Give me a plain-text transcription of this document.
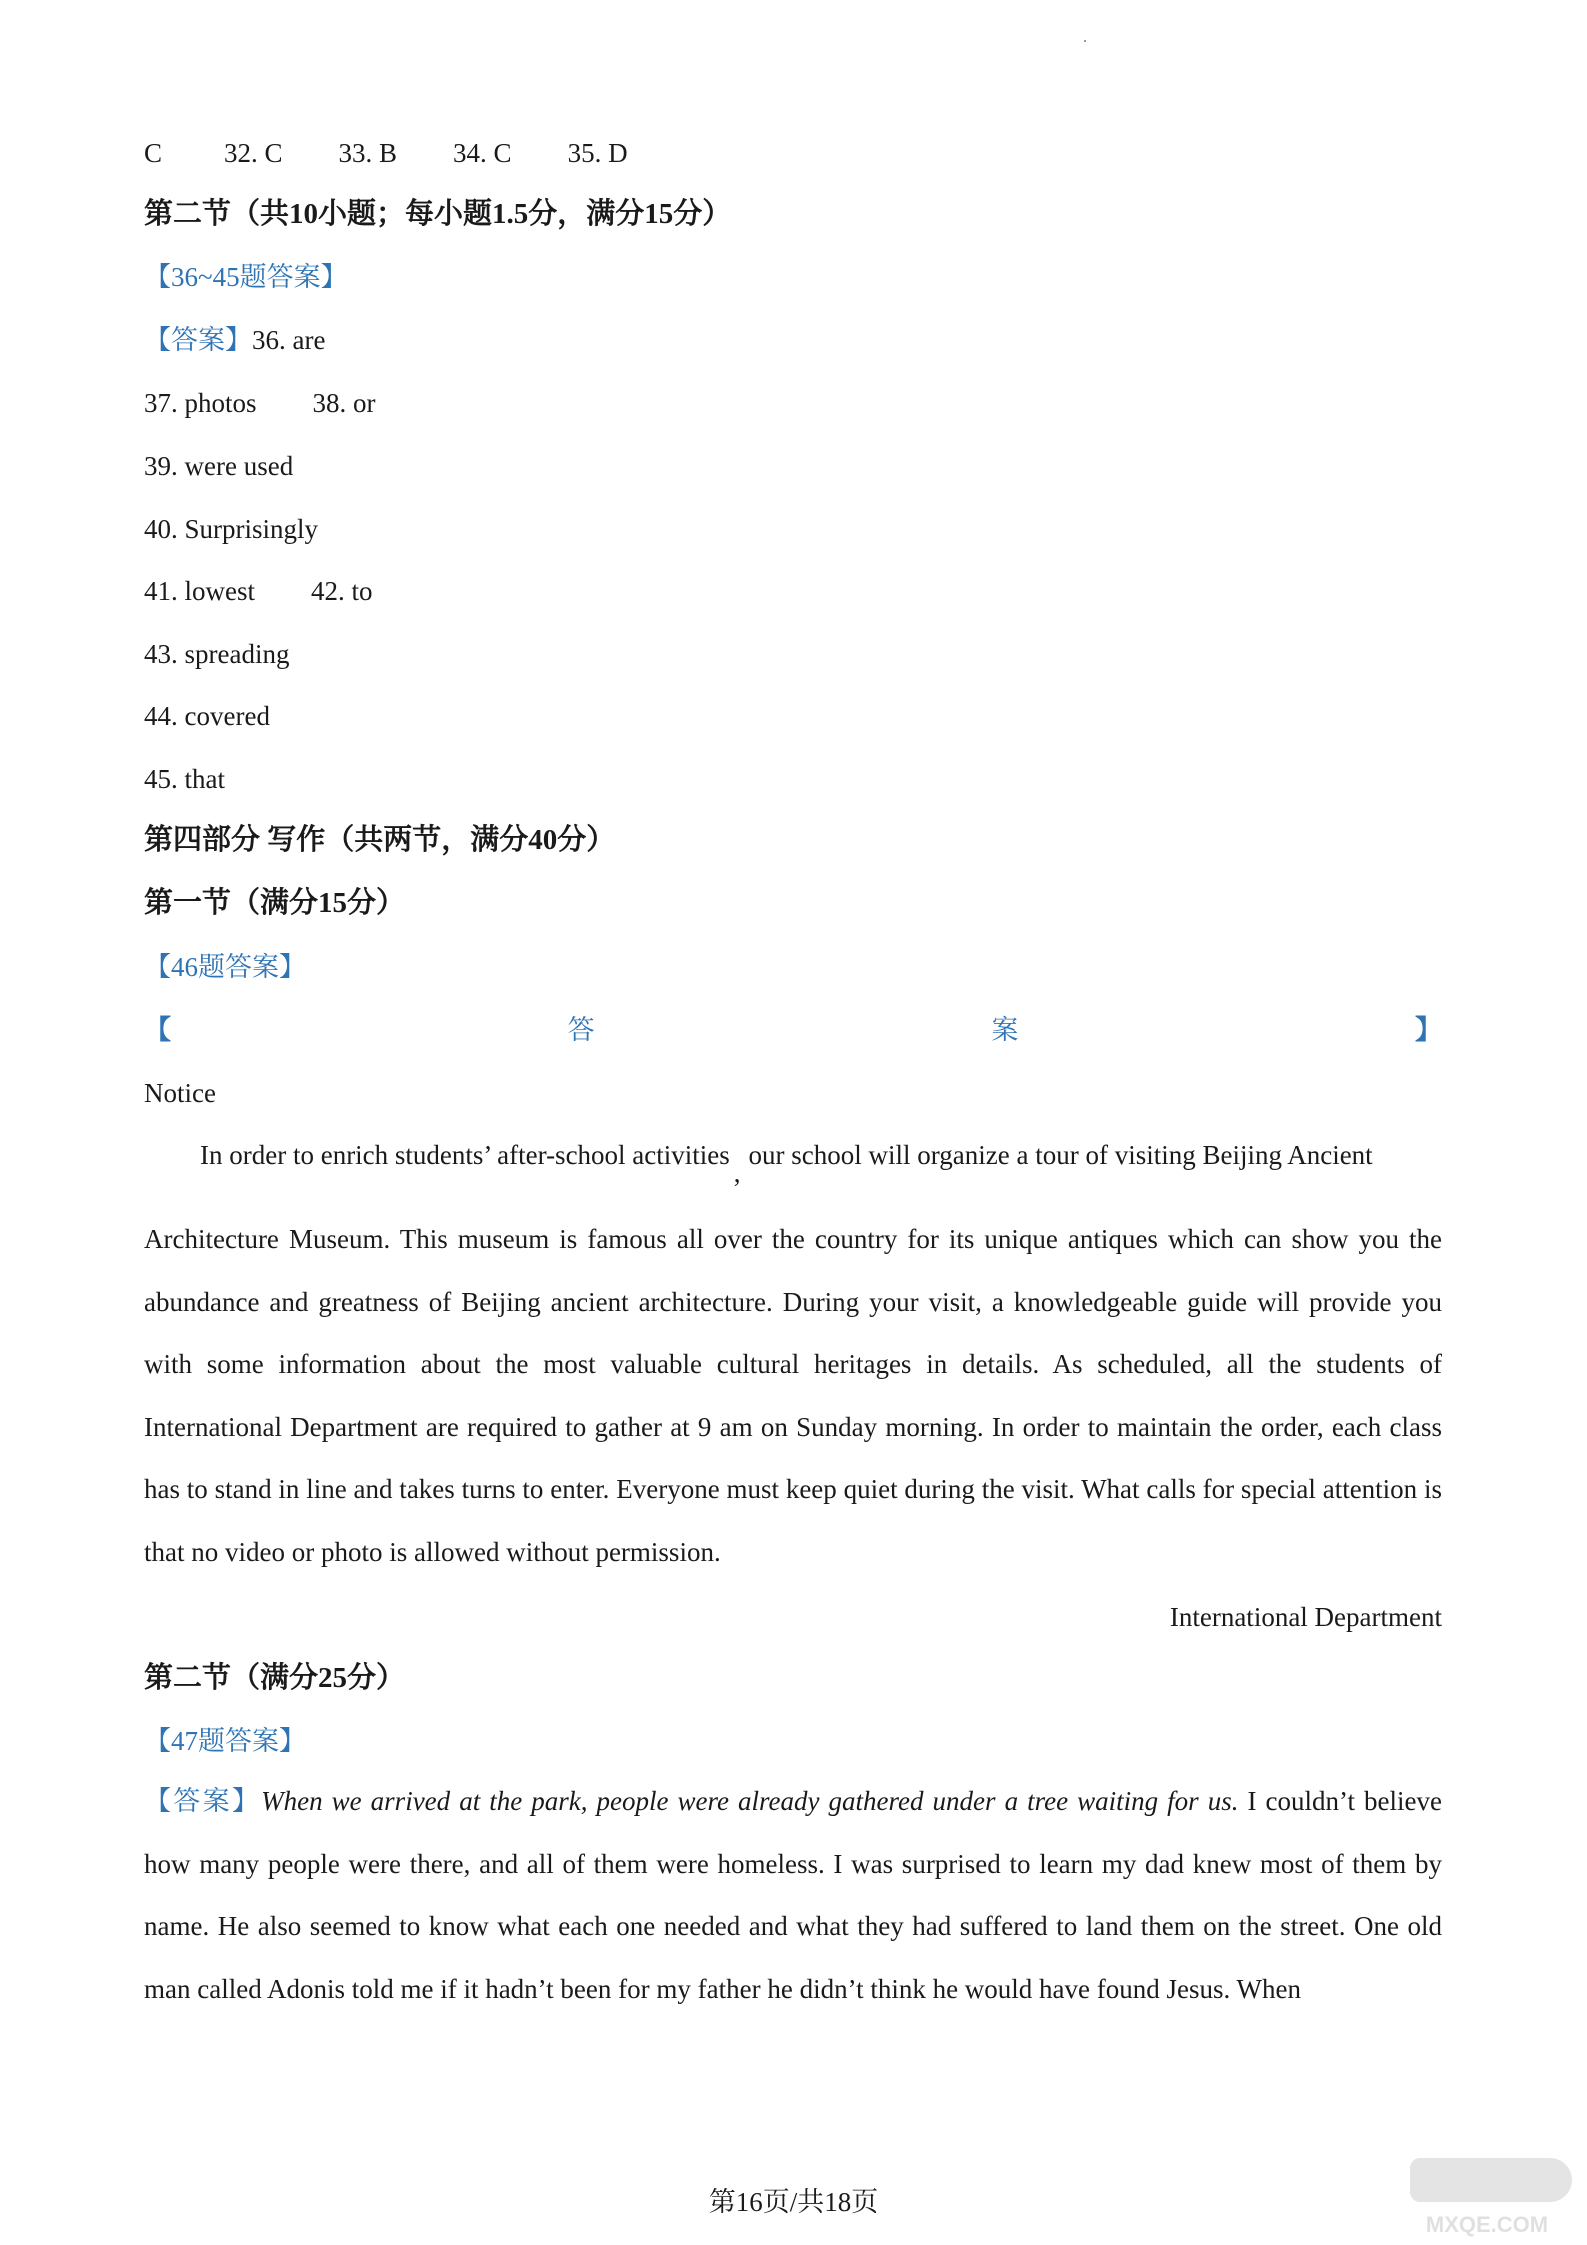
C 32. C 33. B 34. C 35. D
第二节（共10小题；每小题1.5分，满分15分）
【36~45题答案】
【答案】36. are
37. photos 38. or
39. were used
40. Surprisingly
41. lowest 42. to
43. spreading
44. covered
45. that
第四部分 写作（共两节，满分40分）
第一节（满分15分）
【46题答案】
【	答	案	】
Notice
In order to enrich students’ after-school activities,our school will organize a tour of visiting Beijing Ancient
Architecture Museum. This museum is famous all over the country for its unique antiques which can show you the abundance and greatness of Beijing ancient architecture. During your visit, a knowledgeable guide will provide you with some information about the most valuable cultural heritages in details. As scheduled, all the students of International Department are required to gather at 9 am on Sunday morning. In order to maintain the order, each class has to stand in line and takes turns to enter. Everyone must keep quiet during the visit. What calls for special attention is that no video or photo is allowed without permission.
International Department
第二节（满分25分）
【47题答案】
【答案】When we arrived at the park, people were already gathered under a tree waiting for us. I couldn’t believe how many people were there, and all of them were homeless. I was surprised to learn my dad knew most of them by name. He also seemed to know what each one needed and what they had suffered to land them on the street. One old man called Adonis told me if it hadn’t been for my father he didn’t think he would have found Jesus. When
第16页/共18页
MXQE.COM
